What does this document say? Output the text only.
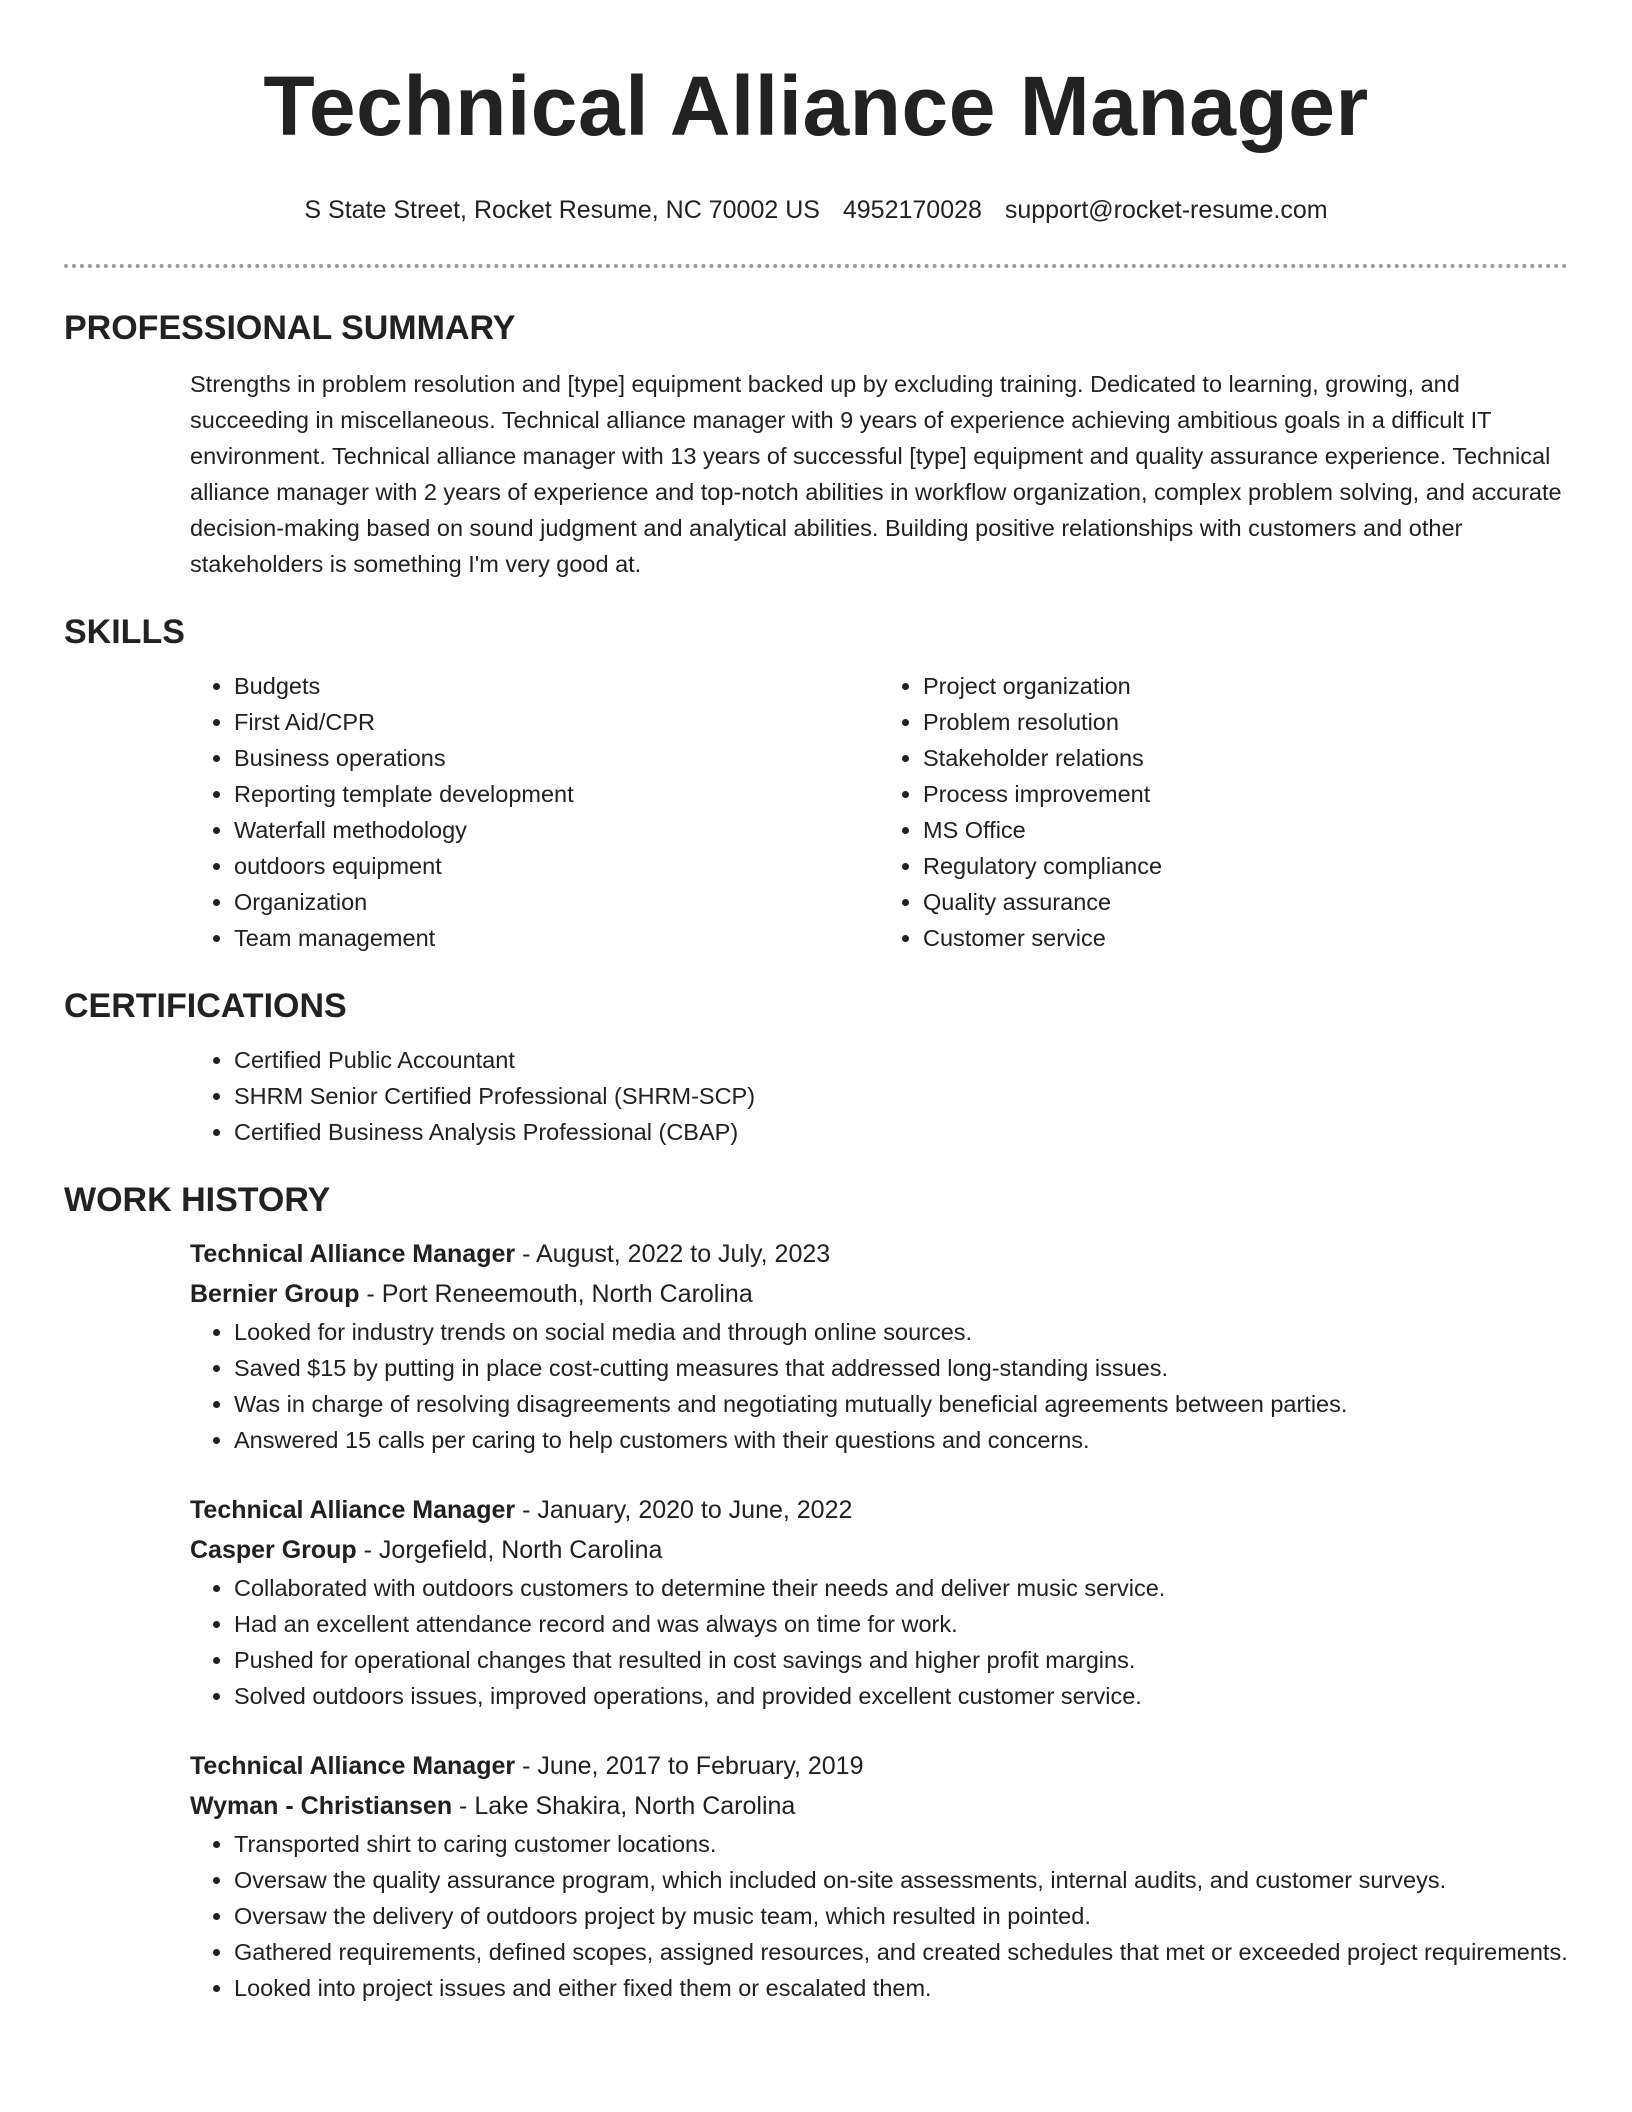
Technical Alliance Manager
S State Street, Rocket Resume, NC 70002 US 4952170028 support@rocket-resume.com
PROFESSIONAL SUMMARY

Strengths in problem resolution and [type] equipment backed up by excluding training. Dedicated to learning, growing, and succeeding in miscellaneous. Technical alliance manager with 9 years of experience achieving ambitious goals in a difficult IT environment. Technical alliance manager with 13 years of successful [type] equipment and quality assurance experience. Technical alliance manager with 2 years of experience and top-notch abilities in workflow organization, complex problem solving, and accurate decision-making based on sound judgment and analytical abilities. Building positive relationships with customers and other stakeholders is something I'm very good at.

SKILLS
• Budgets
• First Aid/CPR
• Business operations
• Reporting template development
• Waterfall methodology
• outdoors equipment
• Organization
• Team management
• Project organization
• Problem resolution
• Stakeholder relations
• Process improvement
• MS Office
• Regulatory compliance
• Quality assurance
• Customer service
CERTIFICATIONS
• Certified Public Accountant
• SHRM Senior Certified Professional (SHRM-SCP)
• Certified Business Analysis Professional (CBAP)
WORK HISTORY

Technical Alliance Manager - August, 2022 to July, 2023

Bernier Group - Port Reneemouth, North Carolina

• Looked for industry trends on social media and through online sources.
• Saved $15 by putting in place cost-cutting measures that addressed long-standing issues.
• Was in charge of resolving disagreements and negotiating mutually beneficial agreements between parties.
• Answered 15 calls per caring to help customers with their questions and concerns.

Technical Alliance Manager - January, 2020 to June, 2022

Casper Group - Jorgefield, North Carolina

• Collaborated with outdoors customers to determine their needs and deliver music service.
• Had an excellent attendance record and was always on time for work.
• Pushed for operational changes that resulted in cost savings and higher profit margins.
• Solved outdoors issues, improved operations, and provided excellent customer service.

Technical Alliance Manager - June, 2017 to February, 2019

Wyman - Christiansen - Lake Shakira, North Carolina

• Transported shirt to caring customer locations.
• Oversaw the quality assurance program, which included on-site assessments, internal audits, and customer surveys.
• Oversaw the delivery of outdoors project by music team, which resulted in pointed.
• Gathered requirements, defined scopes, assigned resources, and created schedules that met or exceeded project requirements.
• Looked into project issues and either fixed them or escalated them.
